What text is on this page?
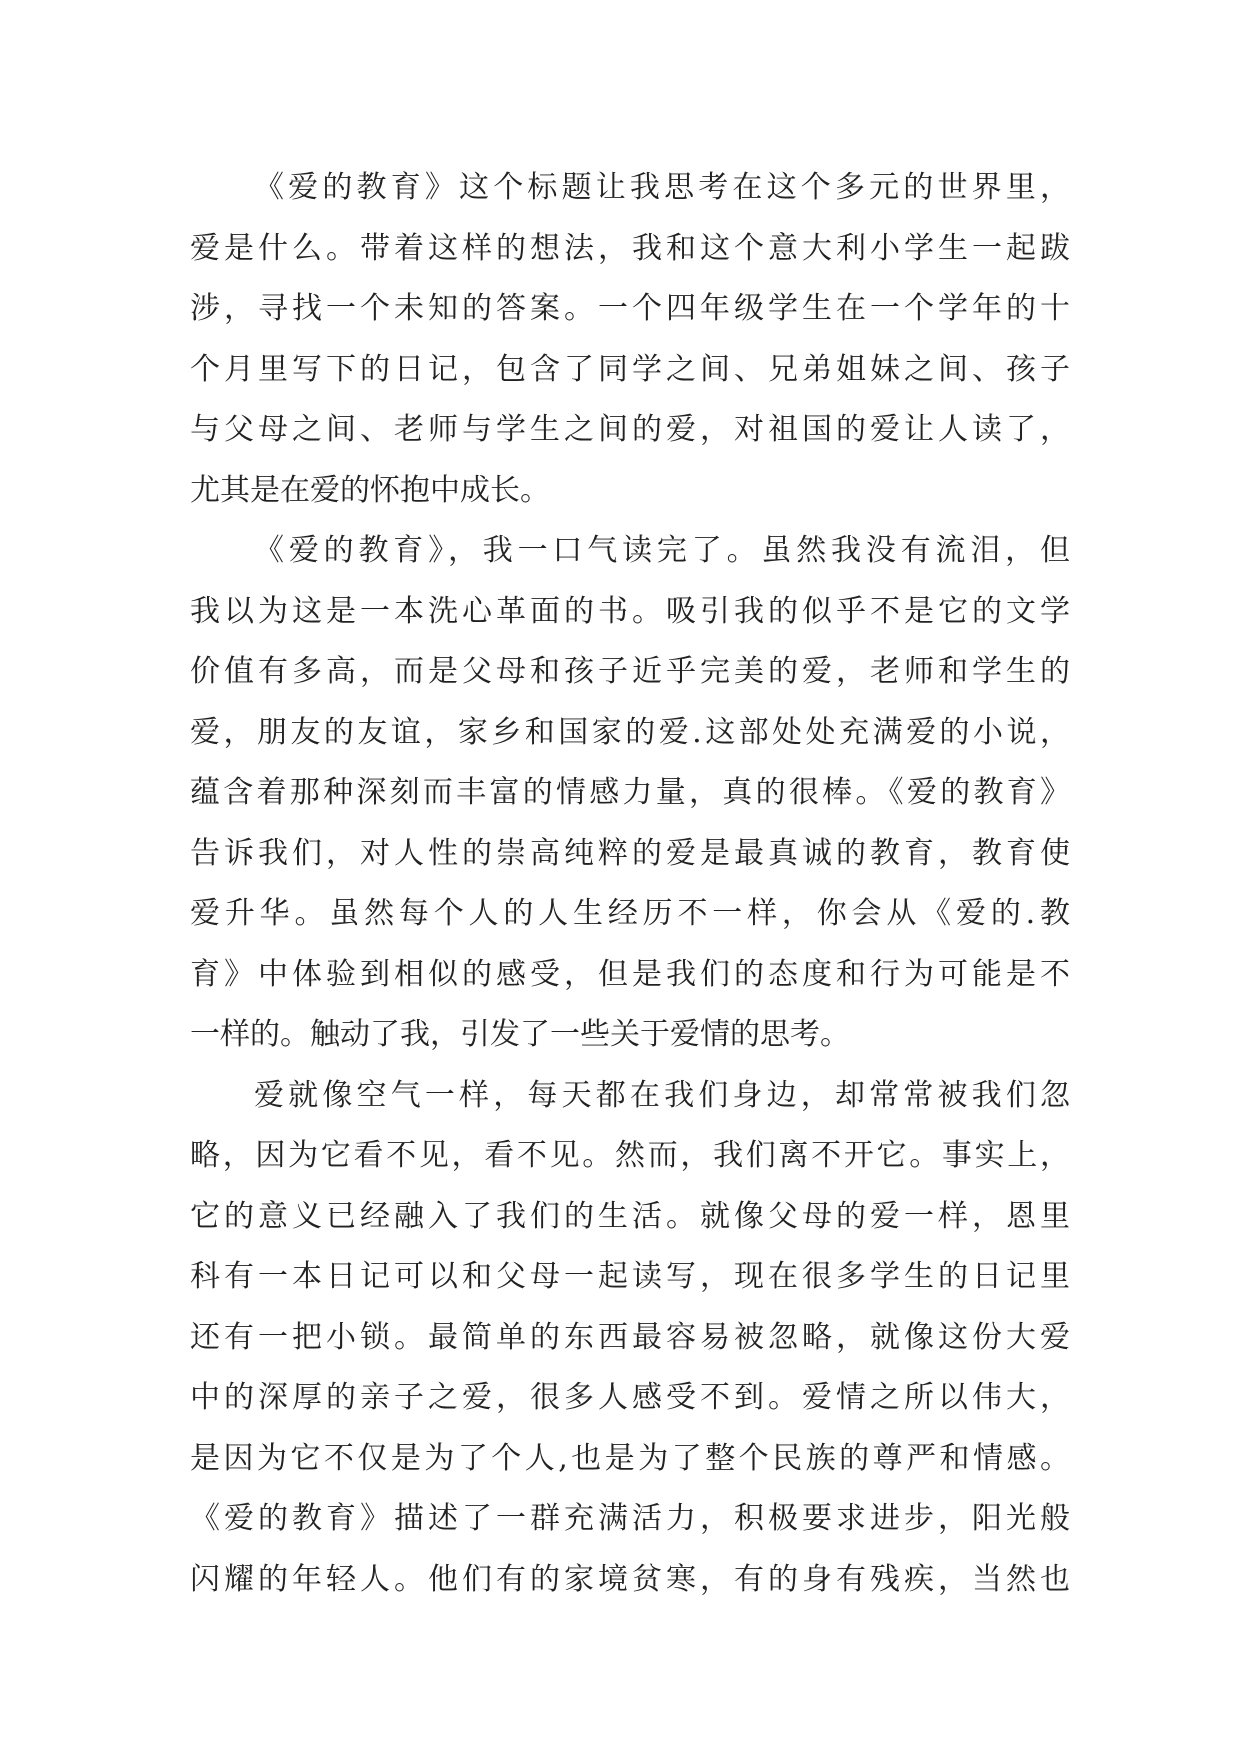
《爱的教育》这个标题让我思考在这个多元的世界里，
爱是什么。带着这样的想法，我和这个意大利小学生一起跋
涉，寻找一个未知的答案。一个四年级学生在一个学年的十
个月里写下的日记，包含了同学之间、兄弟姐妹之间、孩子
与父母之间、老师与学生之间的爱，对祖国的爱让人读了，
尤其是在爱的怀抱中成长。
《爱的教育》，我一口气读完了。虽然我没有流泪，但
我以为这是一本洗心革面的书。吸引我的似乎不是它的文学
价值有多高，而是父母和孩子近乎完美的爱，老师和学生的
爱，朋友的友谊，家乡和国家的爱.这部处处充满爱的小说，
蕴含着那种深刻而丰富的情感力量，真的很棒。《爱的教育》
告诉我们，对人性的崇高纯粹的爱是最真诚的教育，教育使
爱升华。虽然每个人的人生经历不一样，你会从《爱的.教
育》中体验到相似的感受，但是我们的态度和行为可能是不
一样的。触动了我，引发了一些关于爱情的思考。
爱就像空气一样，每天都在我们身边，却常常被我们忽
略，因为它看不见，看不见。然而，我们离不开它。事实上，
它的意义已经融入了我们的生活。就像父母的爱一样，恩里
科有一本日记可以和父母一起读写，现在很多学生的日记里
还有一把小锁。最简单的东西最容易被忽略，就像这份大爱
中的深厚的亲子之爱，很多人感受不到。爱情之所以伟大，
是因为它不仅是为了个人,也是为了整个民族的尊严和情感。
《爱的教育》描述了一群充满活力，积极要求进步，阳光般
闪耀的年轻人。他们有的家境贫寒，有的身有残疾，当然也
